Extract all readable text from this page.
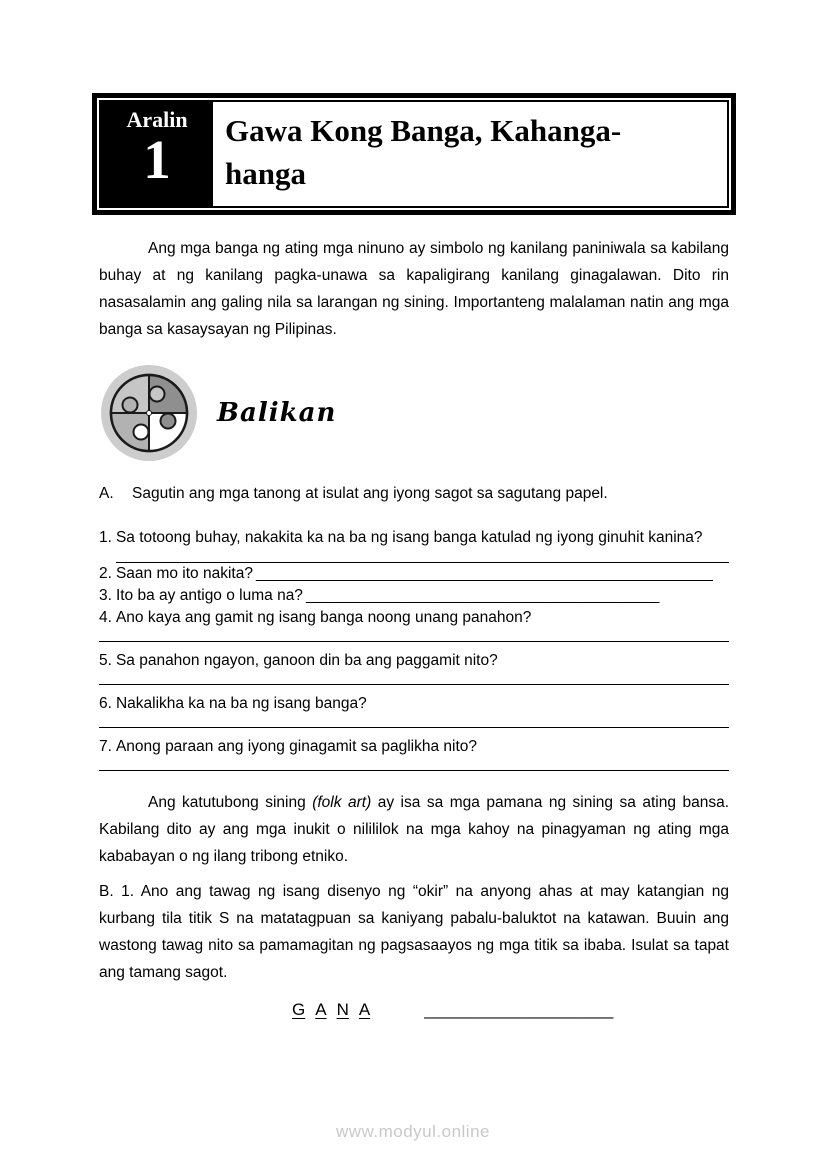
Aralin
1 Gawa Kong Banga, Kahanga-
hanga

Ang mga banga ng ating mga ninuno ay simbolo ng kanilang paniniwala sa kabilang buhay at ng kanilang pagka-unawa sa kapaligirang kanilang ginagalawan. Dito rin nasasalamin ang galing nila sa larangan ng sining. Importanteng malalaman natin ang mga banga sa kasaysayan ng Pilipinas.

Balikan
A. Sagutin ang mga tanong at isulat ang iyong sagot sa sagutang papel.
1. Sa totoong buhay, nakakita ka na ba ng isang banga katulad ng iyong ginuhit kanina?
2. Saan mo ito nakita? _____________________________________________________
3. Ito ba ay antigo o luma na? _________________________________________
4. Ano kaya ang gamit ng isang banga noong unang panahon?
5. Sa panahon ngayon, ganoon din ba ang paggamit nito?
6. Nakalikha ka na ba ng isang banga?
7. Anong paraan ang iyong ginagamit sa paglikha nito?

Ang katutubong sining (folk art) ay isa sa mga pamana ng sining sa ating bansa. Kabilang dito ay ang mga inukit o nilililok na mga kahoy na pinagyaman ng ating mga kababayan o ng ilang tribong etniko.

B. 1. Ano ang tawag ng isang disenyo ng “okir” na anyong ahas at may katangian ng kurbang tila titik S na matatagpuan sa kaniyang pabalu-baluktot na katawan. Buuin ang wastong tawag nito sa pamamagitan ng pagsasaayos ng mga titik sa ibaba. Isulat sa tapat ang tamang sagot.

G A N A	____________________
www.modyul.online
